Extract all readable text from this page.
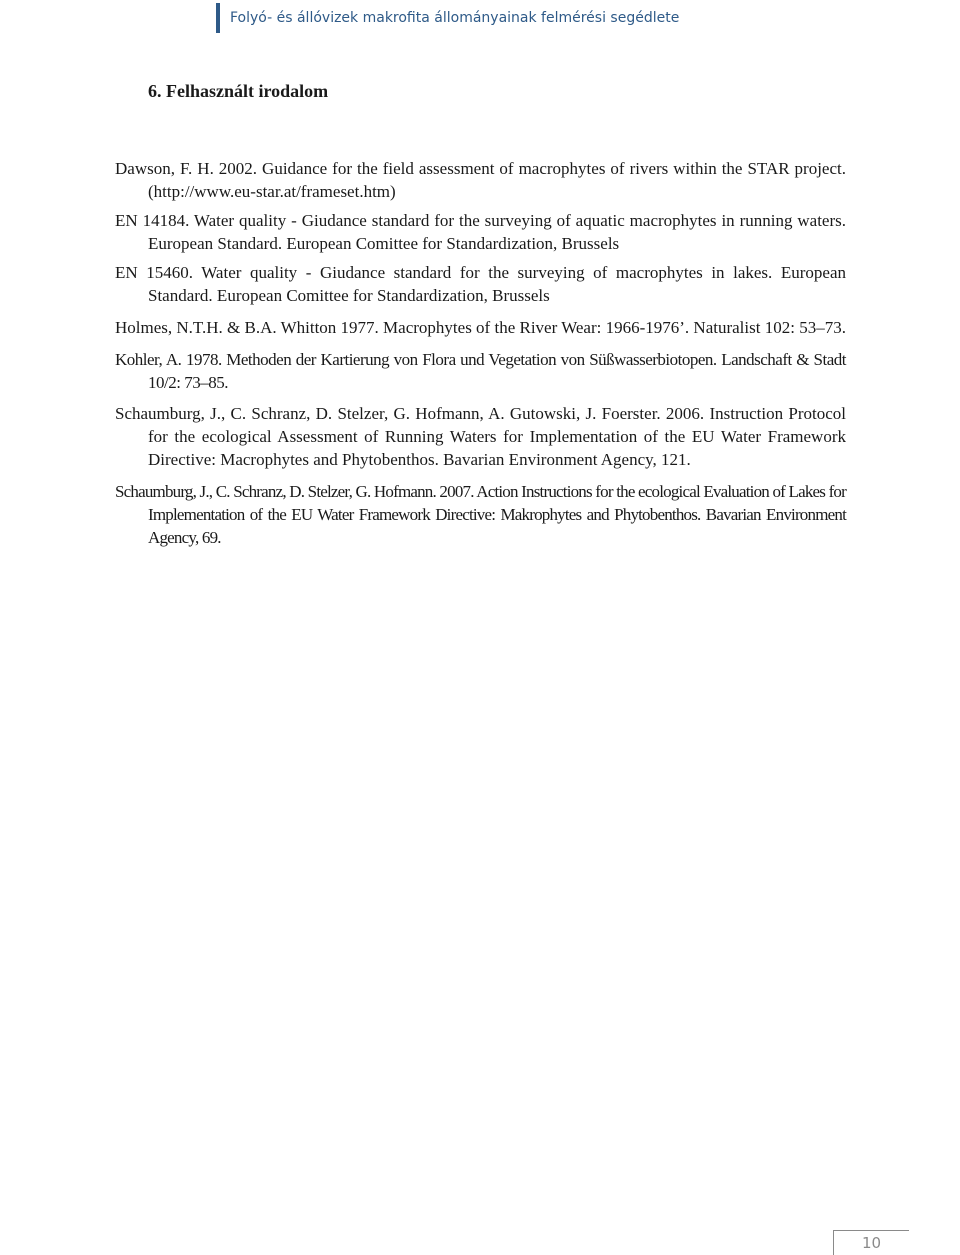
Folyó- és állóvizek makrofita állományainak felmérési segédlete
6. Felhasznált irodalom

Dawson, F. H. 2002. Guidance for the field assessment of macrophytes of rivers within the STAR project. (http://www.eu-star.at/frameset.htm)

EN 14184. Water quality - Giudance standard for the surveying of aquatic macrophytes in running waters. European Standard. European Comittee for Standardization, Brussels

EN 15460. Water quality - Giudance standard for the surveying of macrophytes in lakes. European Standard. European Comittee for Standardization, Brussels

Holmes, N.T.H. & B.A. Whitton 1977. Macrophytes of the River Wear: 1966-1976’. Naturalist 102: 53–73.

Kohler, A. 1978. Methoden der Kartierung von Flora und Vegetation von Süßwasserbiotopen. Landschaft & Stadt 10/2: 73–85.

Schaumburg, J., C. Schranz, D. Stelzer, G. Hofmann, A. Gutowski, J. Foerster. 2006. Instruction Protocol for the ecological Assessment of Running Waters for Implementation of the EU Water Framework Directive: Macrophytes and Phytobenthos. Bavarian Environment Agency, 121.

Schaumburg, J., C. Schranz, D. Stelzer, G. Hofmann. 2007. Action Instructions for the ecological Evaluation of Lakes for Implementation of the EU Water Framework Directive: Makrophytes and Phytobenthos. Bavarian Environment Agency, 69.

10
